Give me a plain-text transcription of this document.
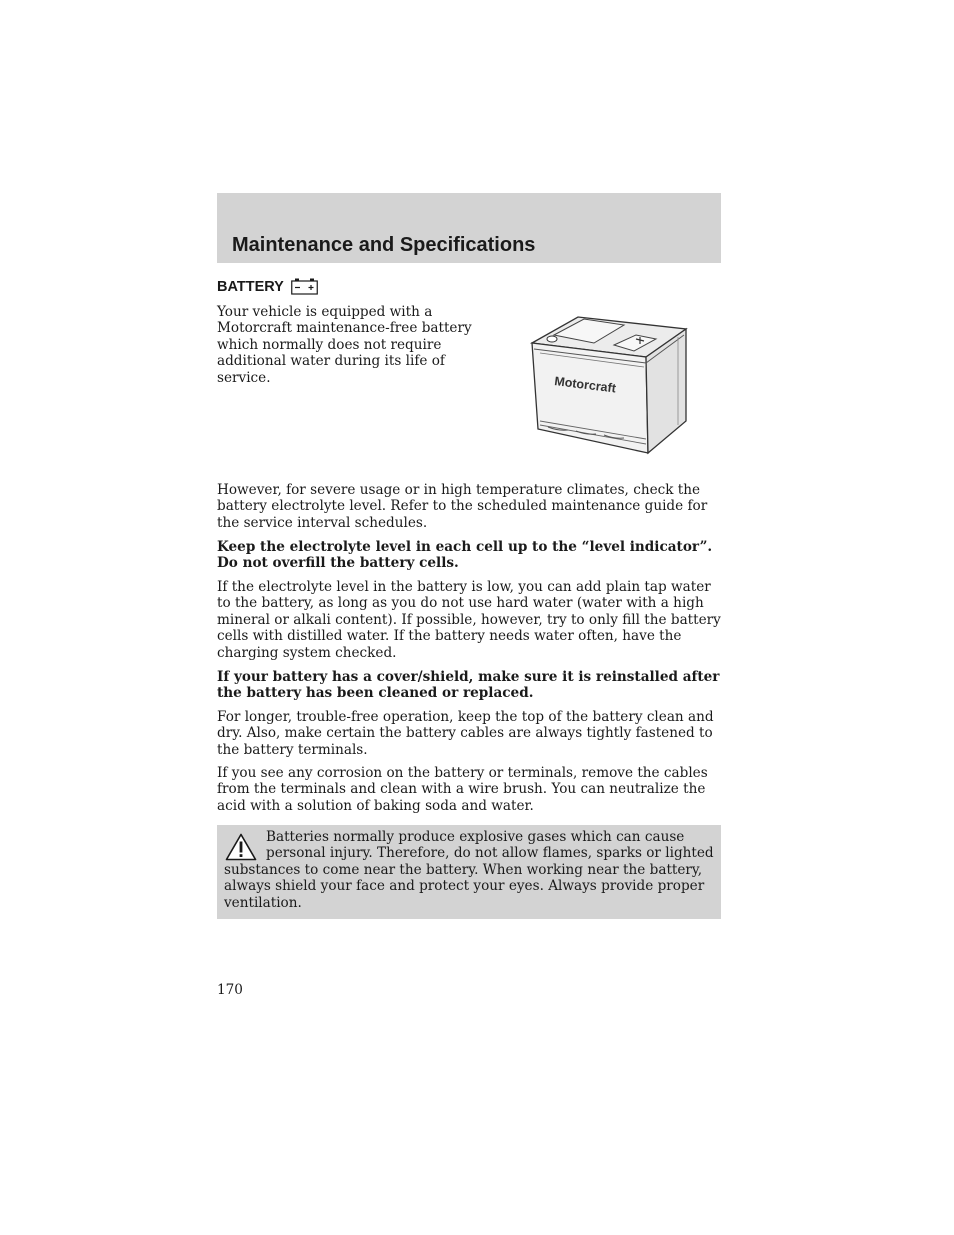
Maintenance and Specifications
BATTERY

Your vehicle is equipped with a Motorcraft maintenance-free battery which normally does not require additional water during its life of service.	Motorcraft

However, for severe usage or in high temperature climates, check the battery electrolyte level. Refer to the scheduled maintenance guide for the service interval schedules.

Keep the electrolyte level in each cell up to the “level indicator”. Do not overfill the battery cells.

If the electrolyte level in the battery is low, you can add plain tap water to the battery, as long as you do not use hard water (water with a high mineral or alkali content). If possible, however, try to only fill the battery cells with distilled water. If the battery needs water often, have the charging system checked.

If your battery has a cover/shield, make sure it is reinstalled after the battery has been cleaned or replaced.

For longer, trouble-free operation, keep the top of the battery clean and dry. Also, make certain the battery cables are always tightly fastened to the battery terminals.

If you see any corrosion on the battery or terminals, remove the cables from the terminals and clean with a wire brush. You can neutralize the acid with a solution of baking soda and water.

Batteries normally produce explosive gases which can cause personal injury. Therefore, do not allow flames, sparks or lighted substances to come near the battery. When working near the battery, always shield your face and protect your eyes. Always provide proper ventilation.

170
